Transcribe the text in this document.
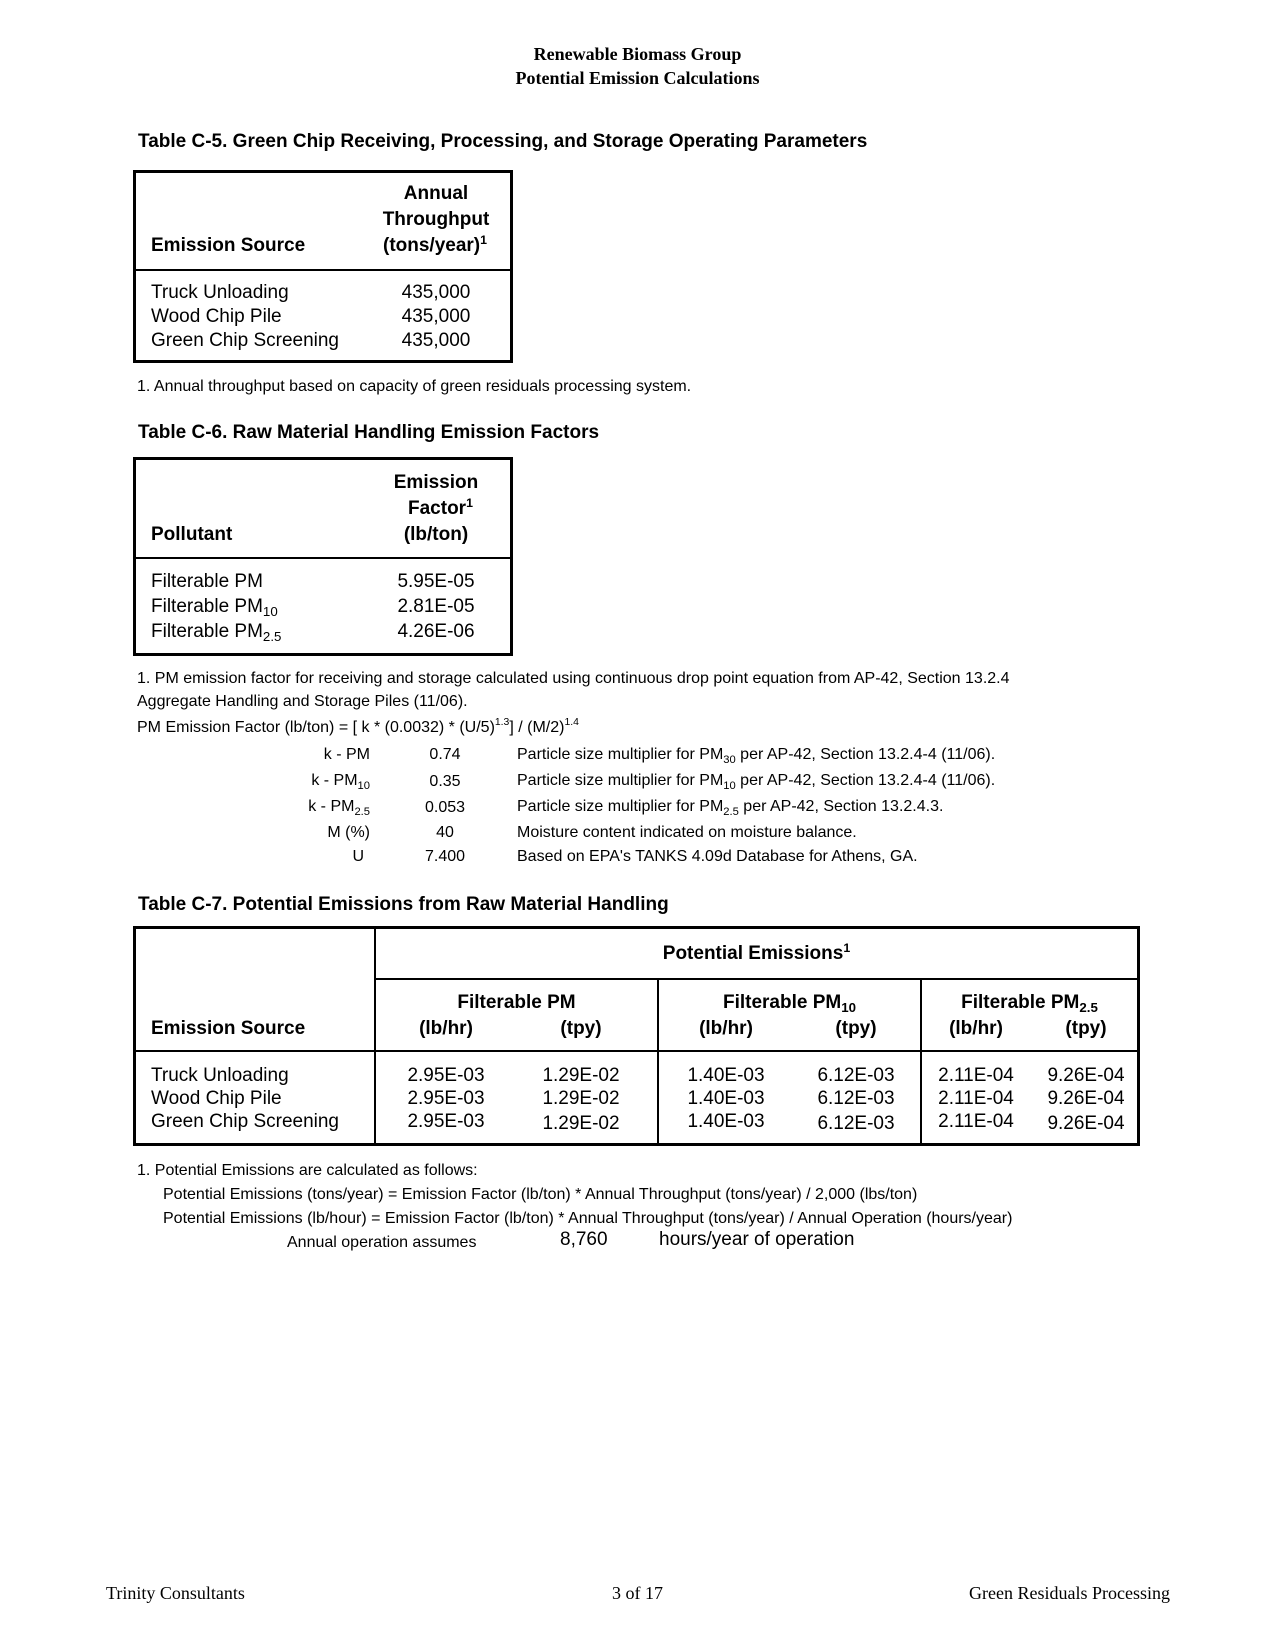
Renewable Biomass Group
Potential Emission Calculations
Table C-5. Green Chip Receiving, Processing, and Storage Operating Parameters
Emission Source
Annual
Throughput
(tons/year)$^1$
Truck Unloading	435,000
Wood Chip Pile	435,000
Green Chip Screening	435,000
1. Annual throughput based on capacity of green residuals processing system.
Table C-6. Raw Material Handling Emission Factors
Pollutant
Emission
Factor$^1$
(lb/ton)
Filterable PM	5.95E-05
Filterable $PM_{10}$	2.81E-05
Filterable $PM_{2.5}$	4.26E-06
1. PM emission factor for receiving and storage calculated using continuous drop point equation from AP-42, Section 13.2.4
Aggregate Handling and Storage Piles (11/06).
PM Emission Factor (lb/ton) = [ k * $(0.0032) * (U/5)^{1.3}] / (M/2)^{1.4}$
k - PM	0.74	Particle size multiplier for $PM_{30}$ per AP-42, Section 13.2.4-4 (11/06).
k - $PM_{10}$	0.35	Particle size multiplier for $PM_{10}$ per AP-42, Section 13.2.4-4 (11/06).
k - $PM_{2.5}$	0.053	Particle size multiplier for $PM_{2.5}$ per AP-42, Section 13.2.4.3.
M (%)	40	Moisture content indicated on moisture balance.
U	7.400	Based on EPA's TANKS 4.09d Database for Athens, GA.
Table C-7. Potential Emissions from Raw Material Handling
Potential Emissions$^1$
Filterable PM	Filterable $PM_{10}$	Filterable $PM_{2.5}$
Emission Source	(lb/hr)	(tpy)	(lb/hr)	(tpy)	(lb/hr)	(tpy)
Truck Unloading	2.95E-03	1.29E-02	1.40E-03	6.12E-03	2.11E-04	9.26E-04
Wood Chip Pile	2.95E-03	1.29E-02	1.40E-03	6.12E-03	2.11E-04	9.26E-04
Green Chip Screening	2.95E-03	1.29E-02	1.40E-03	6.12E-03	2.11E-04	9.26E-04
1. Potential Emissions are calculated as follows:
Potential Emissions (tons/year) = Emission Factor (lb/ton) * Annual Throughput (tons/year) / 2,000 (lbs/ton)
Potential Emissions (lb/hour) = Emission Factor (lb/ton) * Annual Throughput (tons/year) / Annual Operation (hours/year)
Annual operation assumes	8,760	hours/year of operation
Trinity Consultants	3 of 17	Green Residuals Processing
